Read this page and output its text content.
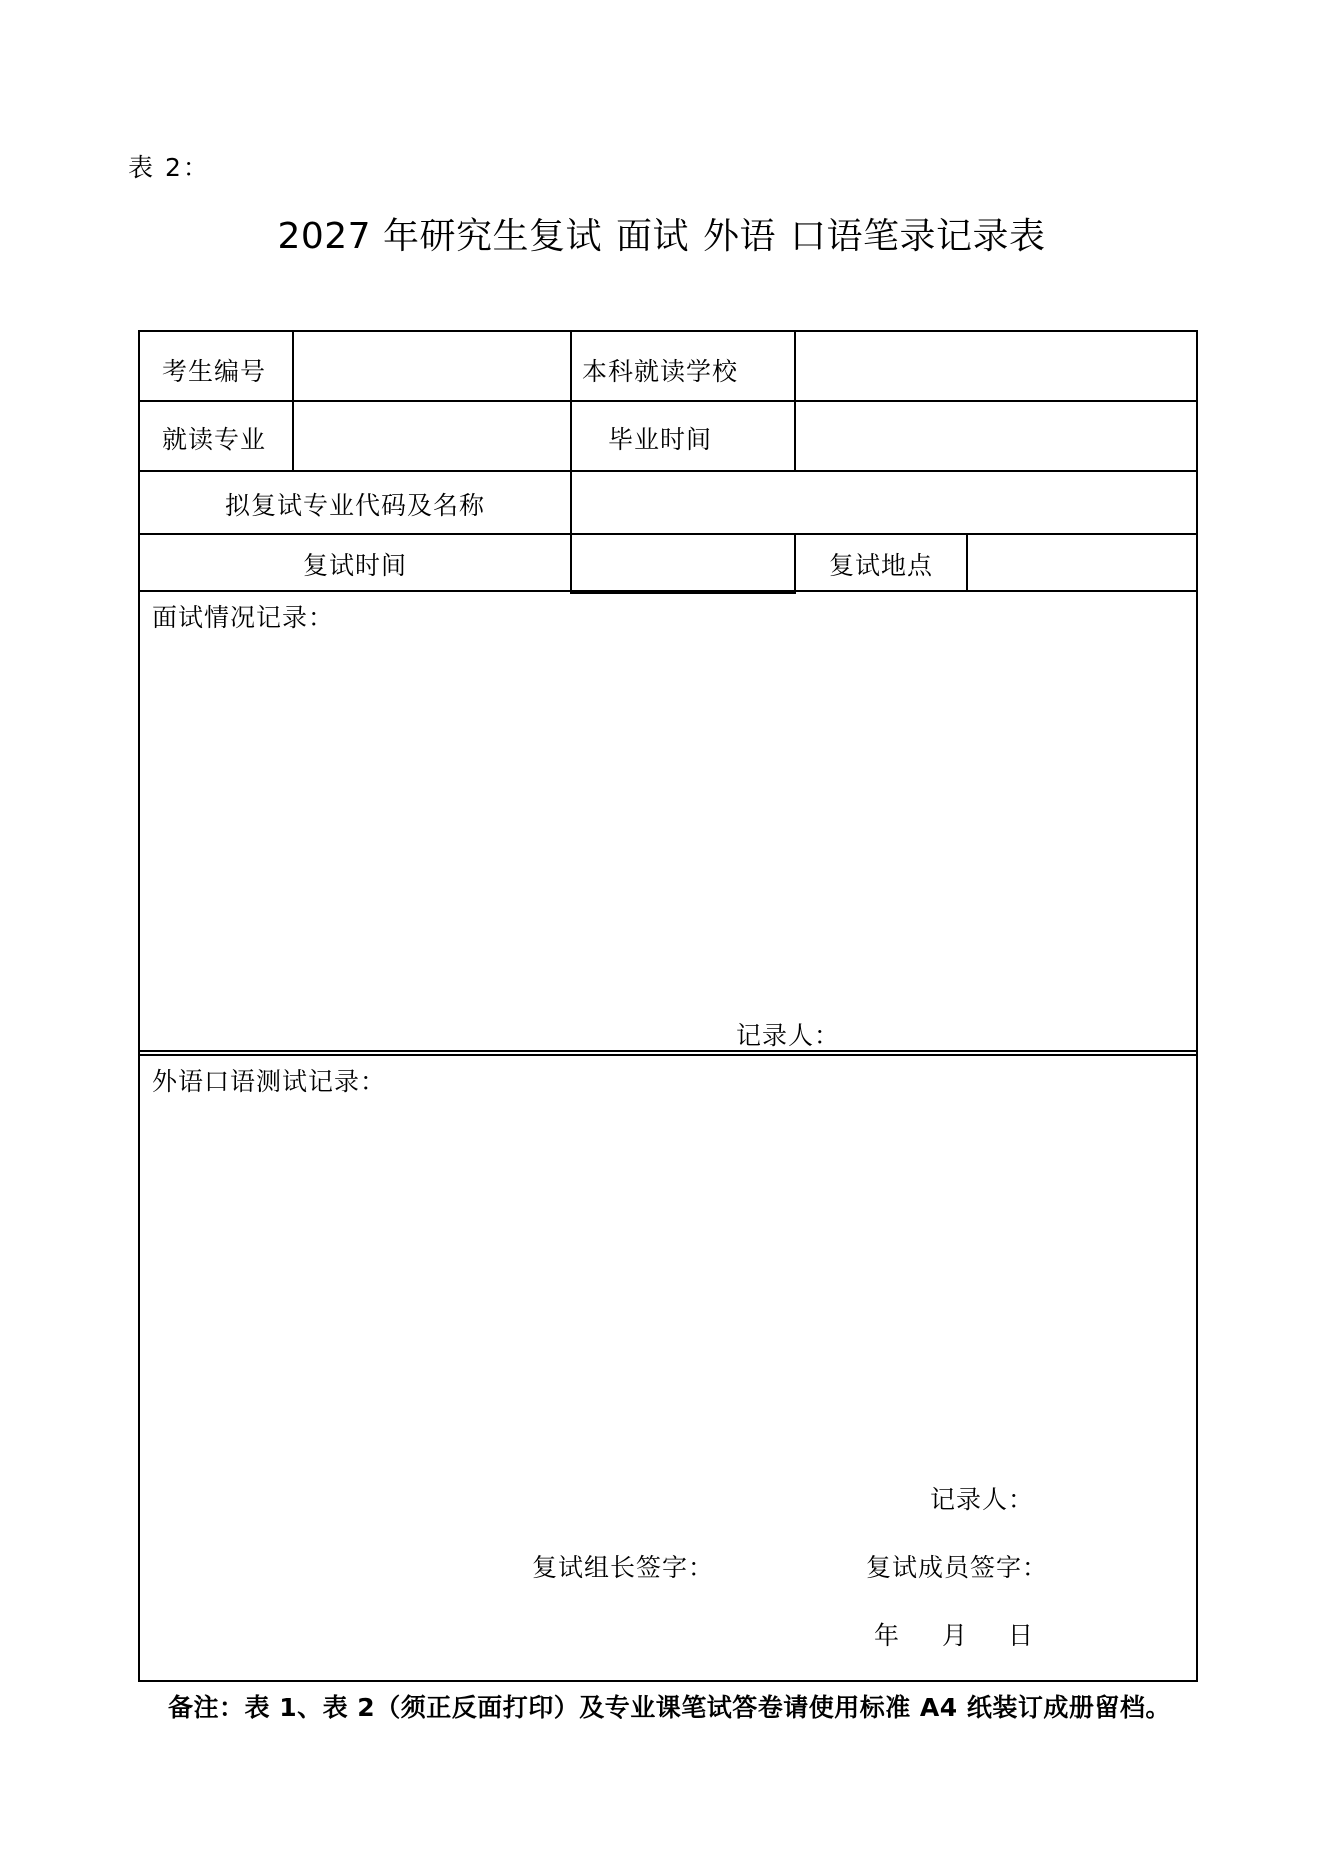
表 2：
2027 年研究生复试 面试 外语 口语笔录记录表
考生编号	本科就读学校
就读专业	毕业时间
拟复试专业代码及名称
复试时间	复试地点
面试情况记录：
记录人：
外语口语测试记录：
记录人：
复试组长签字：	复试成员签字：
年 月 日
备注：表 1、表 2（须正反面打印）及专业课笔试答卷请使用标准 A4 纸装订成册留档。
